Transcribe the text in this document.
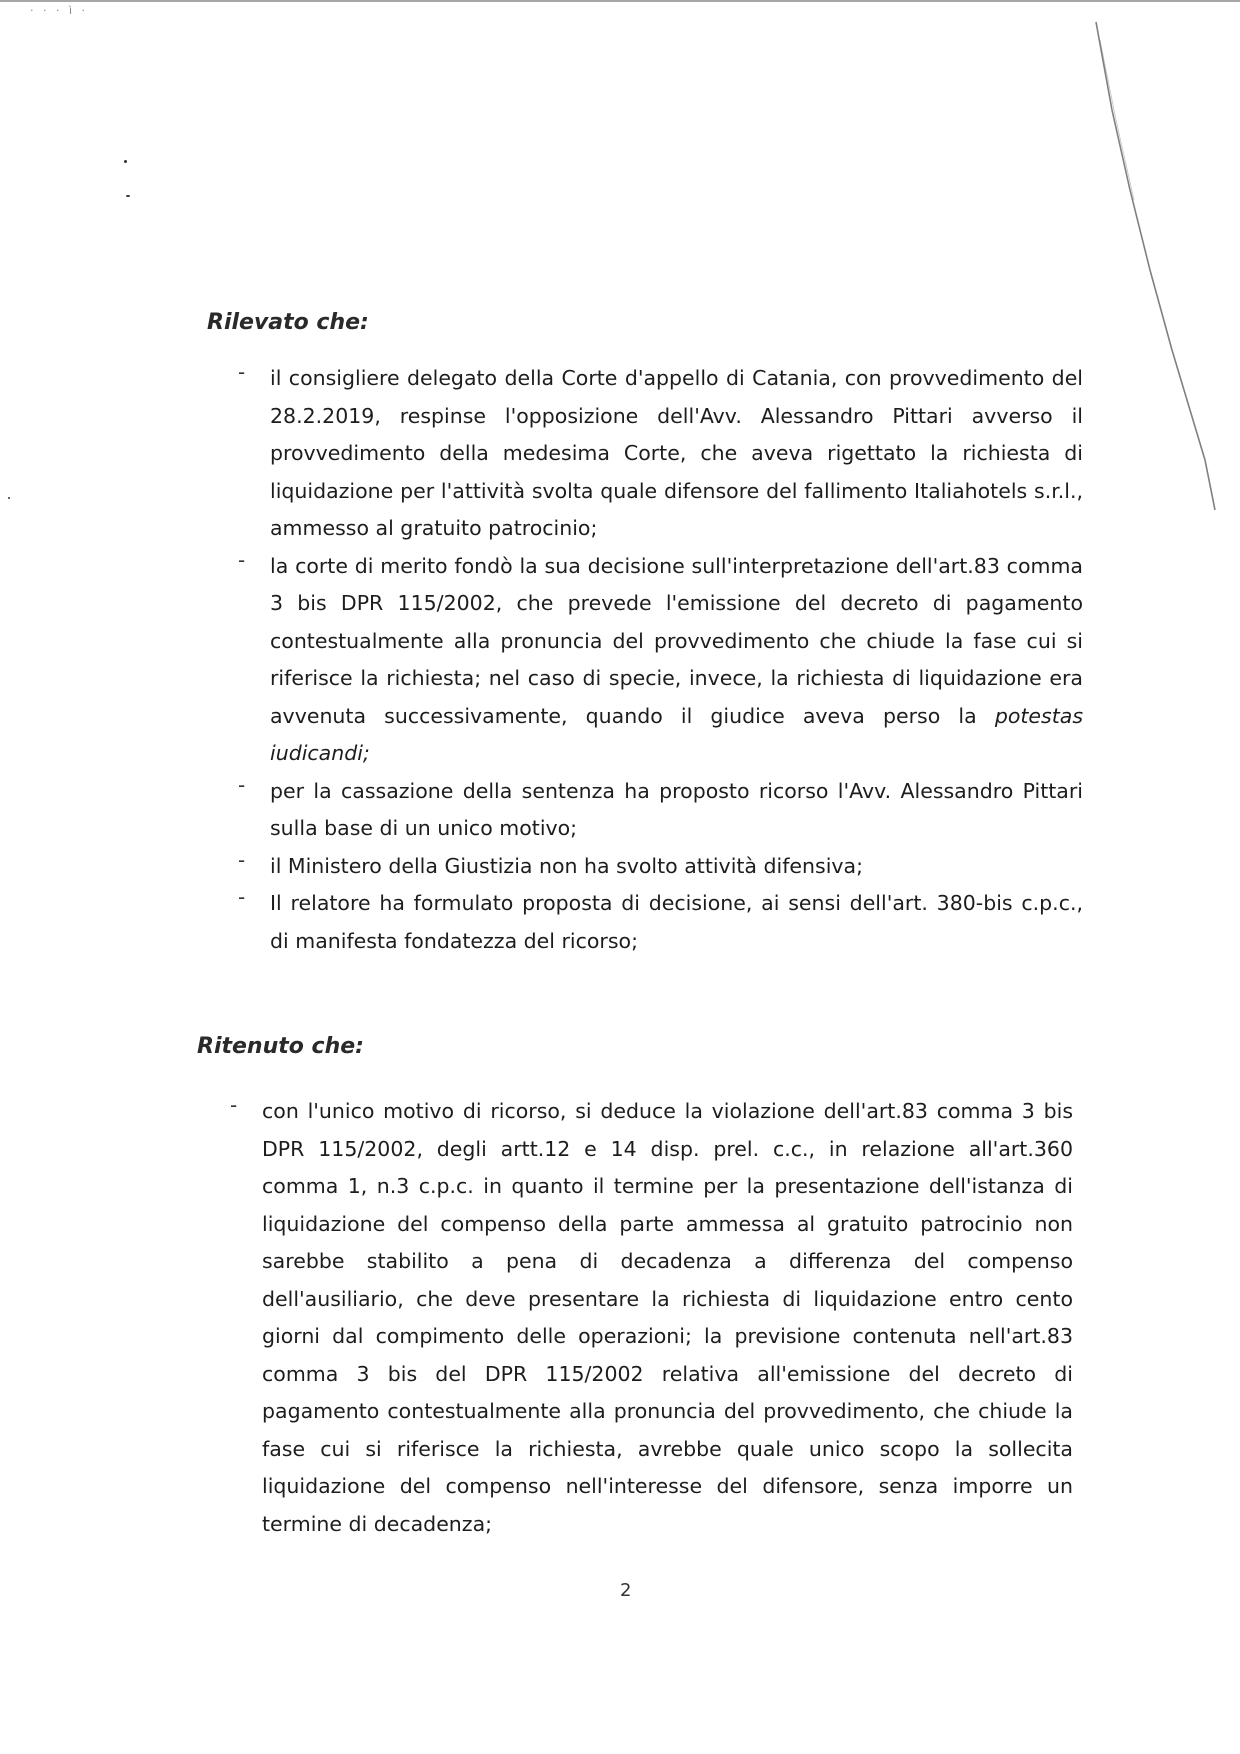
· · · ì ·
Rilevato che:
- il consigliere delegato della Corte d'appello di Catania, con provvedimento del 28.2.2019, respinse l'opposizione dell'Avv. Alessandro Pittari avverso il provvedimento della medesima Corte, che aveva rigettato la richiesta di liquidazione per l'attività svolta quale difensore del fallimento Italiahotels s.r.l., ammesso al gratuito patrocinio;

- la corte di merito fondò la sua decisione sull'interpretazione dell'art.83 comma 3 bis DPR 115/2002, che prevede l'emissione del decreto di pagamento contestualmente alla pronuncia del provvedimento che chiude la fase cui si riferisce la richiesta; nel caso di specie, invece, la richiesta di liquidazione era avvenuta successivamente, quando il giudice aveva perso la potestas iudicandi;

- per la cassazione della sentenza ha proposto ricorso l'Avv. Alessandro Pittari sulla base di un unico motivo;

- il Ministero della Giustizia non ha svolto attività difensiva;

- Il relatore ha formulato proposta di decisione, ai sensi dell'art. 380-bis c.p.c., di manifesta fondatezza del ricorso;

Ritenuto che:
- con l'unico motivo di ricorso, si deduce la violazione dell'art.83 comma 3 bis DPR 115/2002, degli artt.12 e 14 disp. prel. c.c., in relazione all'art.360 comma 1, n.3 c.p.c. in quanto il termine per la presentazione dell'istanza di liquidazione del compenso della parte ammessa al gratuito patrocinio non sarebbe stabilito a pena di decadenza a differenza del compenso dell'ausiliario, che deve presentare la richiesta di liquidazione entro cento giorni dal compimento delle operazioni; la previsione contenuta nell'art.83 comma 3 bis del DPR 115/2002 relativa all'emissione del decreto di pagamento contestualmente alla pronuncia del provvedimento, che chiude la fase cui si riferisce la richiesta, avrebbe quale unico scopo la sollecita liquidazione del compenso nell'interesse del difensore, senza imporre un termine di decadenza;

2
